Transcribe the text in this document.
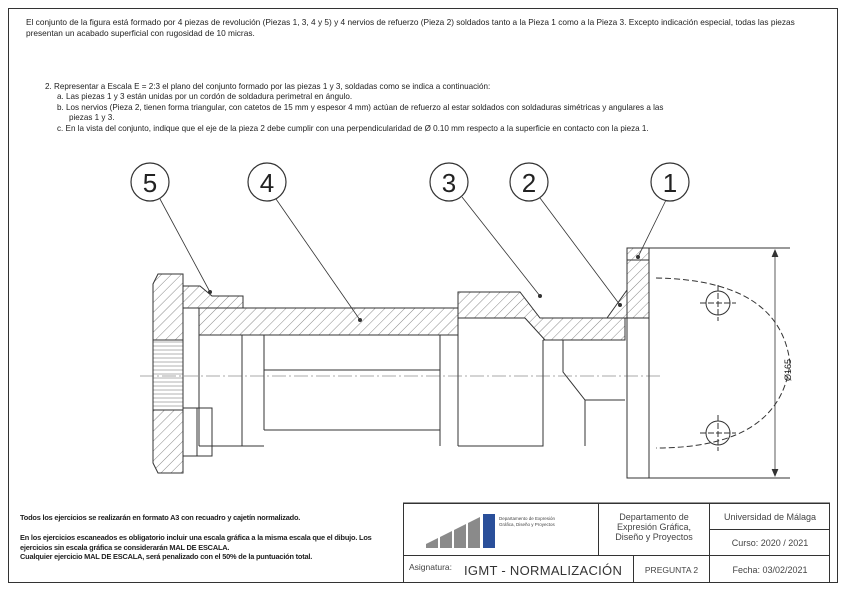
El conjunto de la figura está formado por 4 piezas de revolución (Piezas 1, 3, 4 y 5) y 4 nervios de refuerzo (Pieza 2) soldados tanto a la Pieza 1 como a la Pieza 3. Excepto indicación especial, todas las piezas presentan un acabado superficial con rugosidad de 10 micras.
2. Representar a Escala E = 2:3 el plano del conjunto formado por las piezas 1 y 3, soldadas como se indica a continuación:
a. Las piezas 1 y 3 están unidas por un cordón de soldadura perimetral en ángulo.
b. Los nervios (Pieza 2, tienen forma triangular, con catetos de 15 mm y espesor 4 mm) actúan de refuerzo al estar soldados con soldaduras simétricas y angulares a las
piezas 1 y 3.
c. En la vista del conjunto, indique que el eje de la pieza 2 debe cumplir con una perpendicularidad de Ø 0.10 mm respecto a la superficie en contacto con la pieza 1.
5	4	3	2	1
Ø165

Todos los ejercicios se realizarán en formato A3 con recuadro y cajetín normalizado.

En los ejercicios escaneados es obligatorio incluir una escala gráfica a la misma escala que el dibujo. Los ejercicios sin escala gráfica se considerarán MAL DE ESCALA.

Cualquier ejercicio MAL DE ESCALA, será penalizado con el 50% de la puntuación total.

Departamento de Expresión Gráfica, Diseño y Proyectos
Departamento de
Expresión Gráfica,
Diseño y Proyectos
Universidad de Málaga
Curso: 2020 / 2021
Asignatura: IGMT - NORMALIZACIÓN	PREGUNTA 2	Fecha: 03/02/2021
